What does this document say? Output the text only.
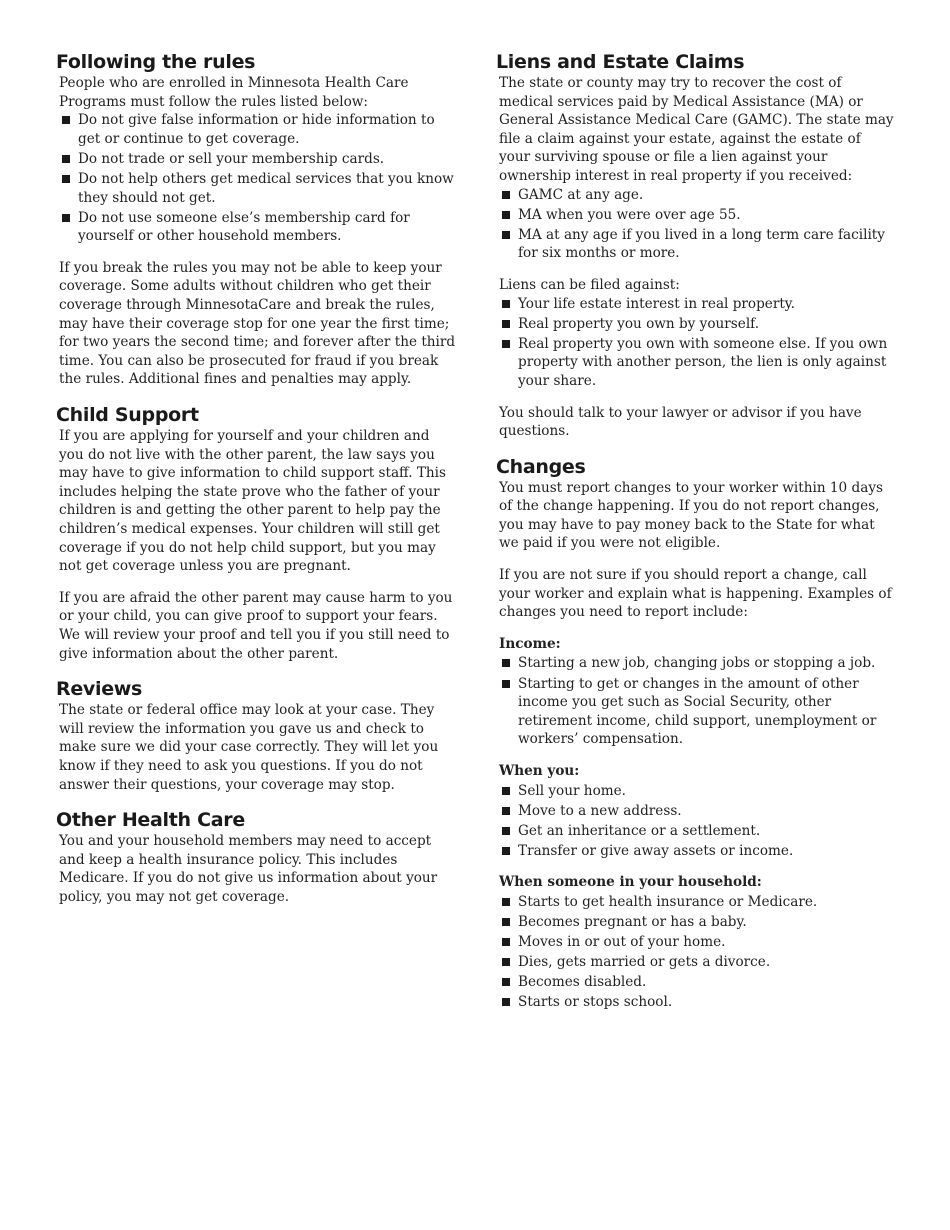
Following the rules

People who are enrolled in Minnesota Health Care Programs must follow the rules listed below:

Do not give false information or hide information to get or continue to get coverage.
Do not trade or sell your membership cards.
Do not help others get medical services that you know they should not get.
Do not use someone else’s membership card for yourself or other household members.

If you break the rules you may not be able to keep your coverage. Some adults without children who get their coverage through MinnesotaCare and break the rules, may have their coverage stop for one year the first time; for two years the second time; and forever after the third time. You can also be prosecuted for fraud if you break the rules. Additional fines and penalties may apply.

Child Support

If you are applying for yourself and your children and you do not live with the other parent, the law says you may have to give information to child support staff. This includes helping the state prove who the father of your children is and getting the other parent to help pay the children’s medical expenses. Your children will still get coverage if you do not help child support, but you may not get coverage unless you are pregnant.

If you are afraid the other parent may cause harm to you or your child, you can give proof to support your fears. We will review your proof and tell you if you still need to give information about the other parent.

Reviews

The state or federal office may look at your case. They will review the information you gave us and check to make sure we did your case correctly. They will let you know if they need to ask you questions. If you do not answer their questions, your coverage may stop.

Other Health Care

You and your household members may need to accept and keep a health insurance policy. This includes Medicare. If you do not give us information about your policy, you may not get coverage.

Liens and Estate Claims

The state or county may try to recover the cost of medical services paid by Medical Assistance (MA) or General Assistance Medical Care (GAMC). The state may file a claim against your estate, against the estate of your surviving spouse or file a lien against your ownership interest in real property if you received:

GAMC at any age.
MA when you were over age 55.
MA at any age if you lived in a long term care facility for six months or more.

Liens can be filed against:

Your life estate interest in real property.
Real property you own by yourself.
Real property you own with someone else. If you own property with another person, the lien is only against your share.

You should talk to your lawyer or advisor if you have questions.

Changes

You must report changes to your worker within 10 days of the change happening. If you do not report changes, you may have to pay money back to the State for what we paid if you were not eligible.

If you are not sure if you should report a change, call your worker and explain what is happening. Examples of changes you need to report include:

Income:
Starting a new job, changing jobs or stopping a job.
Starting to get or changes in the amount of other income you get such as Social Security, other retirement income, child support, unemployment or workers’ compensation.
When you:
Sell your home.
Move to a new address.
Get an inheritance or a settlement.
Transfer or give away assets or income.
When someone in your household:
Starts to get health insurance or Medicare.
Becomes pregnant or has a baby.
Moves in or out of your home.
Dies, gets married or gets a divorce.
Becomes disabled.
Starts or stops school.
